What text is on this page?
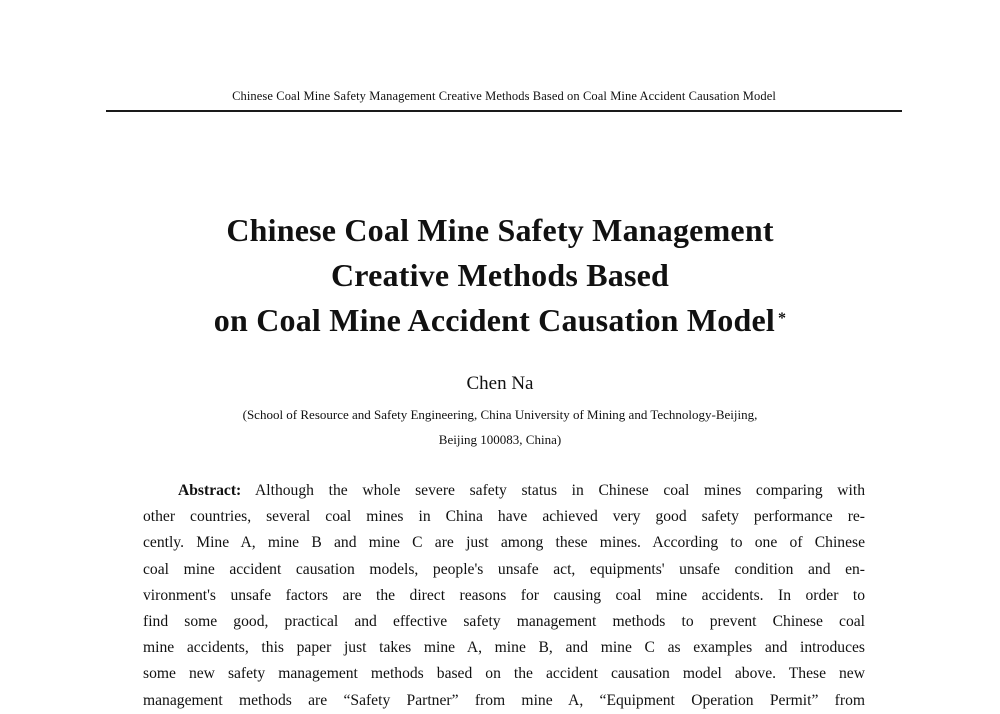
Chinese Coal Mine Safety Management Creative Methods Based on Coal Mine Accident Causation Model
Chinese Coal Mine Safety Management
Creative Methods Based
on Coal Mine Accident Causation Model *
Chen Na
(School of Resource and Safety Engineering, China University of Mining and Technology-Beijing,
Beijing 100083, China)
Abstract: Although the whole severe safety status in Chinese coal mines comparing with
other countries, several coal mines in China have achieved very good safety performance re-
cently. Mine A, mine B and mine C are just among these mines. According to one of Chinese
coal mine accident causation models, people's unsafe act, equipments' unsafe condition and en-
vironment's unsafe factors are the direct reasons for causing coal mine accidents. In order to
find some good, practical and effective safety management methods to prevent Chinese coal
mine accidents, this paper just takes mine A, mine B, and mine C as examples and introduces
some new safety management methods based on the accident causation model above. These new
management methods are “Safety Partner” from mine A, “Equipment Operation Permit” from
